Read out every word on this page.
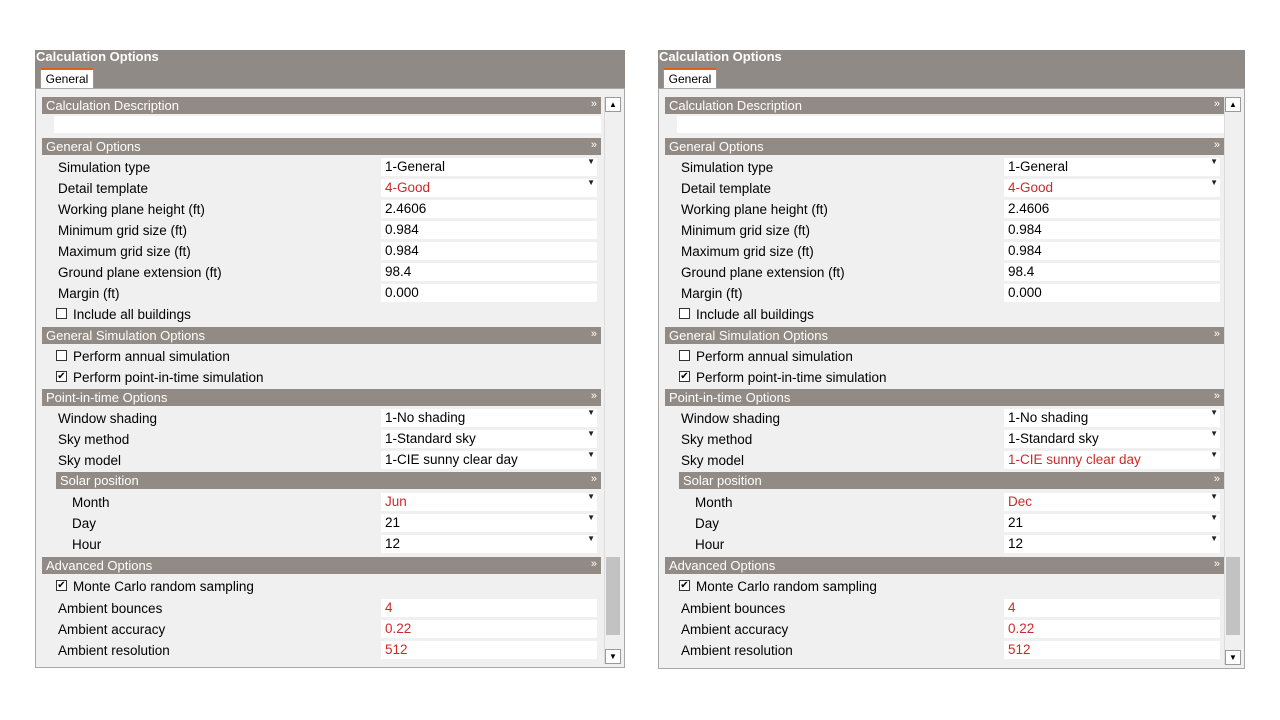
Calculation Options
General
Calculation Description	»
General Options	»
Simulation type	1-General	▼
Detail template	4-Good	▼
Working plane height (ft)	2.4606
Minimum grid size (ft)	0.984
Maximum grid size (ft)	0.984
Ground plane extension (ft)	98.4
Margin (ft)	0.000
Include all buildings
General Simulation Options	»
Perform annual simulation
✔ Perform point-in-time simulation
Point-in-time Options	»
Window shading	1-No shading	▼
Sky method	1-Standard sky	▼
Sky model	1-CIE sunny clear day	▼
Solar position	»
Month	Jun	▼
Day	21	▼
Hour	12	▼
Advanced Options	»
✔ Monte Carlo random sampling
Ambient bounces	4
Ambient accuracy	0.22
Ambient resolution	512
▲
▼
Calculation Options
General
Calculation Description	»
General Options	»
Simulation type	1-General	▼
Detail template	4-Good	▼
Working plane height (ft)	2.4606
Minimum grid size (ft)	0.984
Maximum grid size (ft)	0.984
Ground plane extension (ft)	98.4
Margin (ft)	0.000
Include all buildings
General Simulation Options	»
Perform annual simulation
✔ Perform point-in-time simulation
Point-in-time Options	»
Window shading	1-No shading	▼
Sky method	1-Standard sky	▼
Sky model	1-CIE sunny clear day	▼
Solar position	»
Month	Dec	▼
Day	21	▼
Hour	12	▼
Advanced Options	»
✔ Monte Carlo random sampling
Ambient bounces	4
Ambient accuracy	0.22
Ambient resolution	512
▲
▼
